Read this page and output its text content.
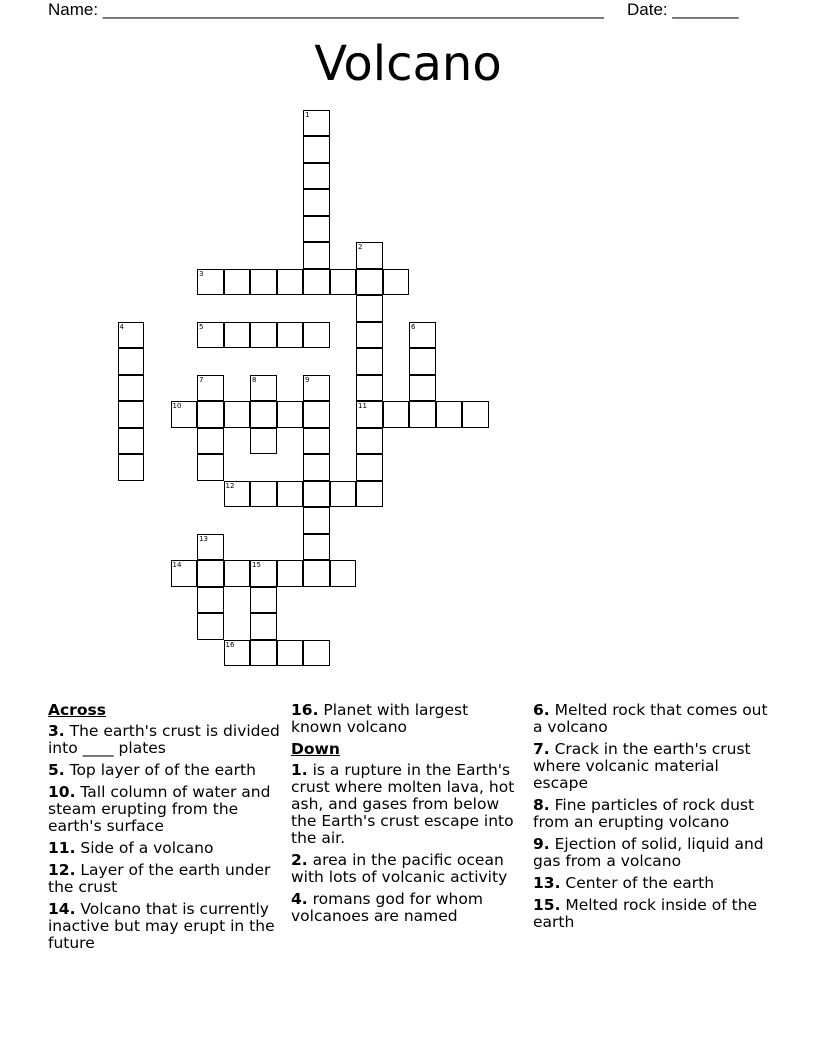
Name: _____________________________________________________ Date: _______
Volcano
1
2
11
3
4	5	6
7	8	9
10
12
13
14	15
16
Across
3. The earth's crust is divided into ____ plates
5. Top layer of of the earth
10. Tall column of water and steam erupting from the earth's surface
11. Side of a volcano
12. Layer of the earth under the crust
14. Volcano that is currently inactive but may erupt in the future
16. Planet with largest known volcano
Down
1. is a rupture in the Earth's crust where molten lava, hot ash, and gases from below the Earth's crust escape into the air.
2. area in the pacific ocean with lots of volcanic activity
4. romans god for whom volcanoes are named
6. Melted rock that comes out a volcano
7. Crack in the earth's crust where volcanic material escape
8. Fine particles of rock dust from an erupting volcano
9. Ejection of solid, liquid and gas from a volcano
13. Center of the earth
15. Melted rock inside of the earth
